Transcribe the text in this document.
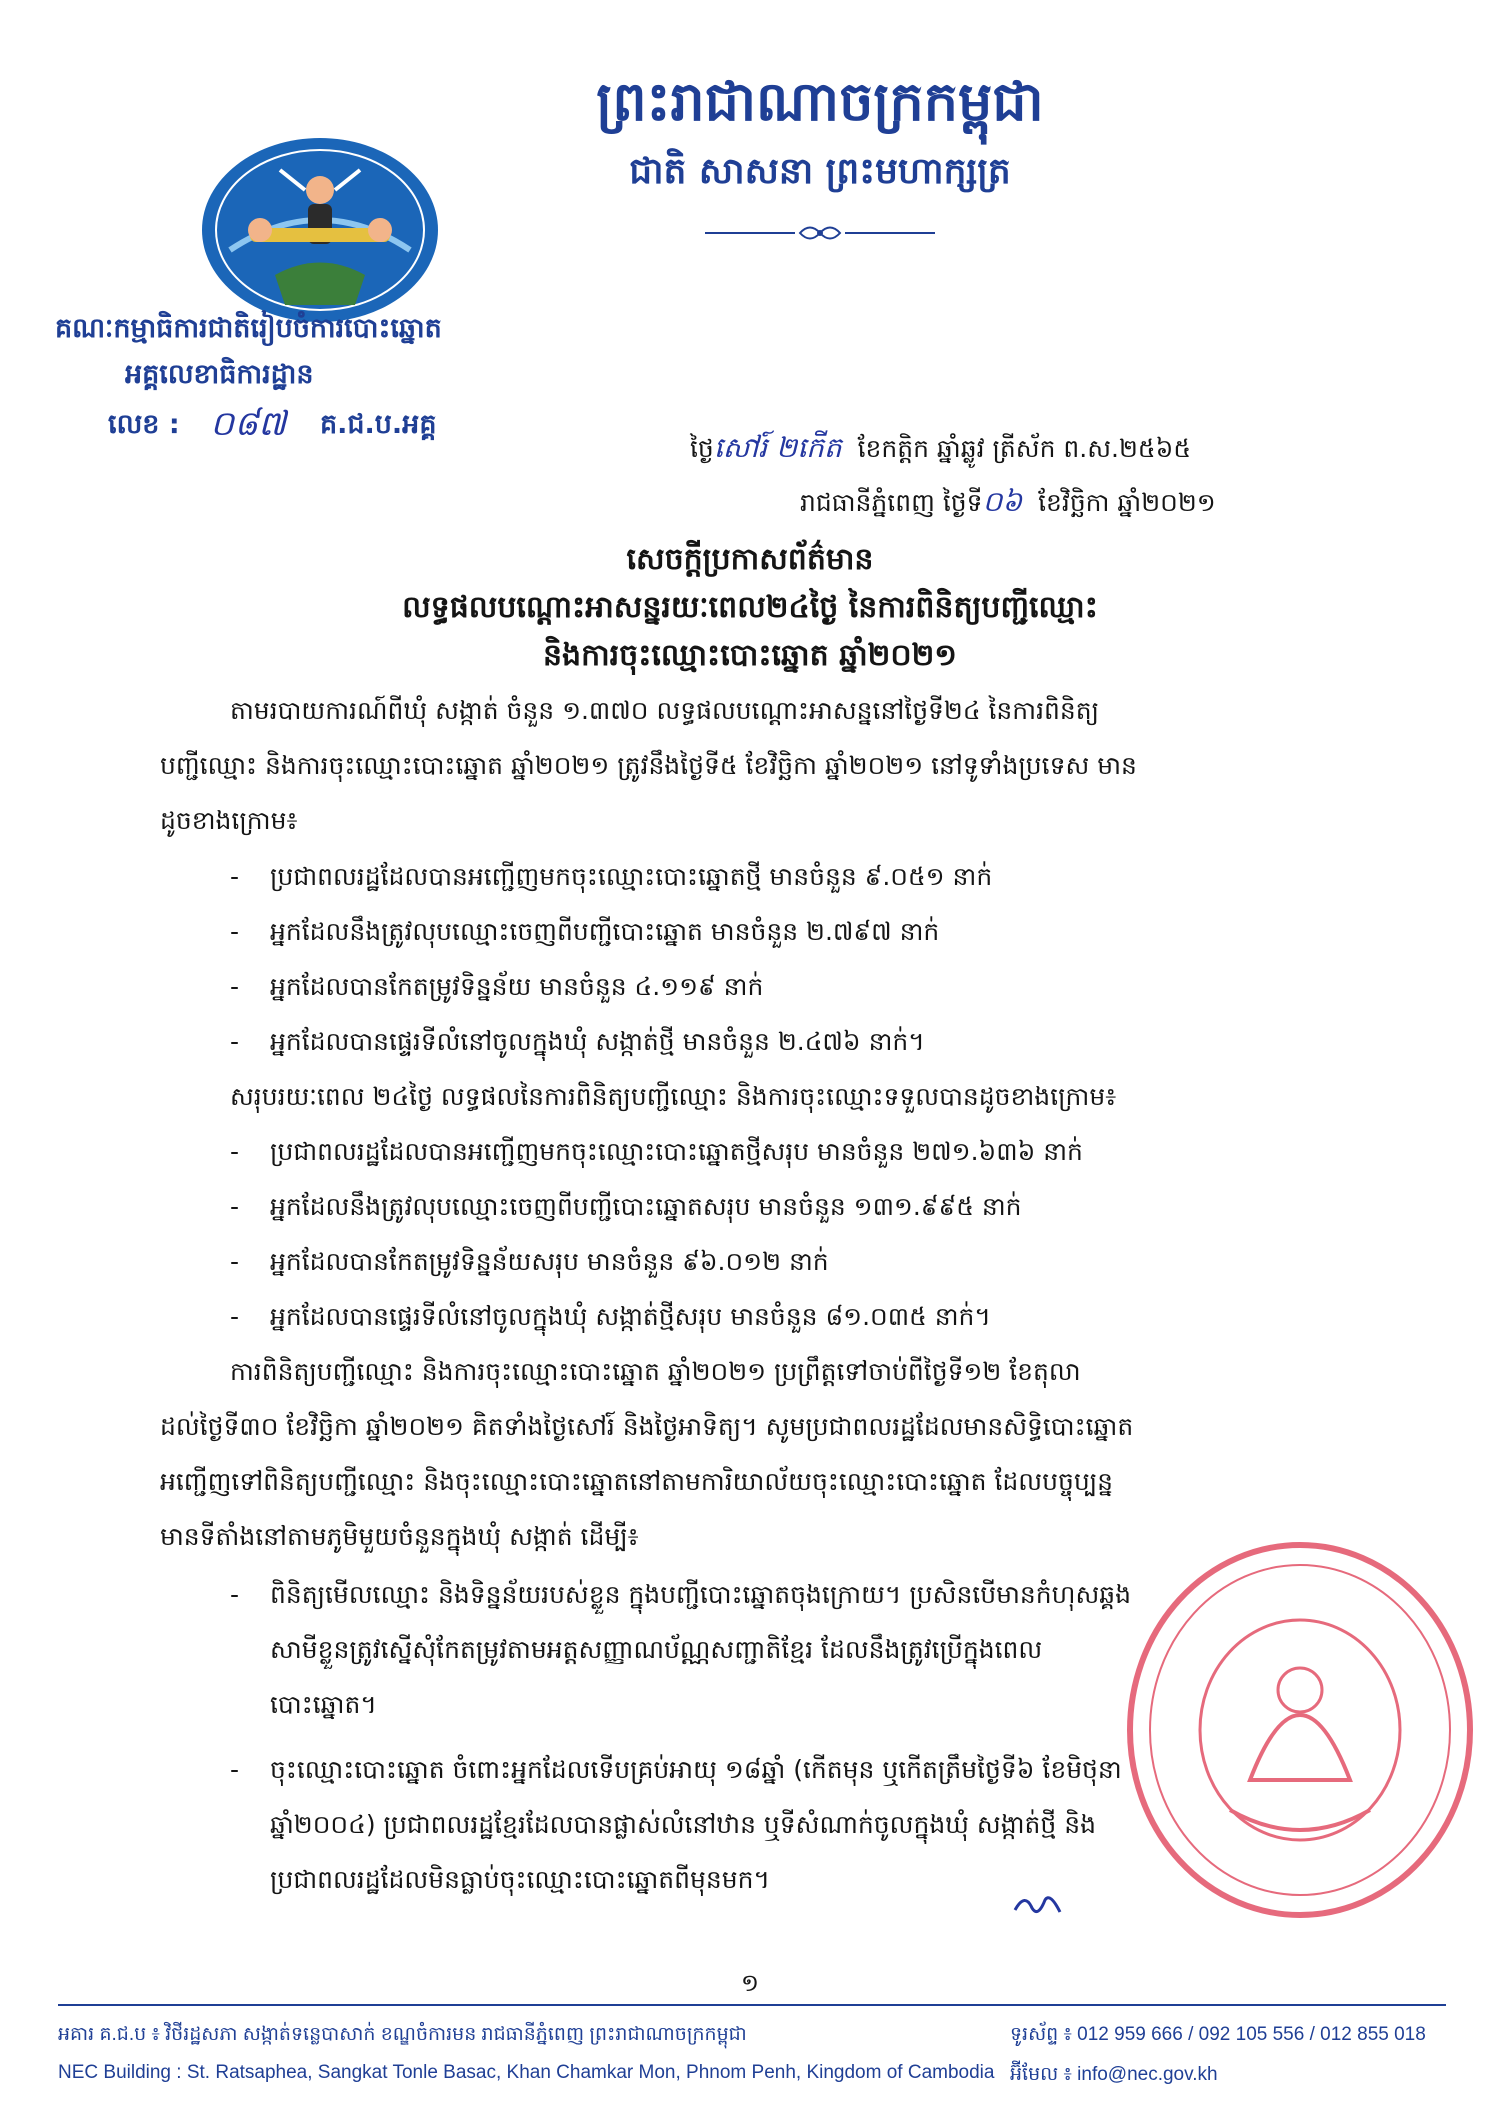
ព្រះរាជាណាចក្រកម្ពុជា
ជាតិ សាសនា ព្រះមហាក្សត្រ
គណៈកម្មាធិការជាតិរៀបចំការបោះឆ្នោត
អគ្គលេខាធិការដ្ឋាន
លេខ : ០៨៧ គ.ជ.ប.អគ្គ
ថ្ងៃសៅរ៍ ២កើត ខែកត្តិក ឆ្នាំឆ្លូវ ត្រីស័ក ព.ស.២៥៦៥
រាជធានីភ្នំពេញ ថ្ងៃទី០៦ ខែវិច្ឆិកា ឆ្នាំ២០២១
សេចក្តីប្រកាសព័ត៌មាន
លទ្ធផលបណ្តោះអាសន្នរយៈពេល២៤ថ្ងៃ នៃការពិនិត្យបញ្ជីឈ្មោះ
និងការចុះឈ្មោះបោះឆ្នោត ឆ្នាំ២០២១
តាមរបាយការណ៍ពីឃុំ សង្កាត់ ចំនួន ១.៣៧០ លទ្ធផលបណ្តោះអាសន្ននៅថ្ងៃទី២៤ នៃការពិនិត្យ
បញ្ជីឈ្មោះ និងការចុះឈ្មោះបោះឆ្នោត ឆ្នាំ២០២១ ត្រូវនឹងថ្ងៃទី៥ ខែវិច្ឆិកា ឆ្នាំ២០២១ នៅទូទាំងប្រទេស មាន
ដូចខាងក្រោម៖
- ប្រជាពលរដ្ឋដែលបានអញ្ជើញមកចុះឈ្មោះបោះឆ្នោតថ្មី មានចំនួន ៩.០៥១ នាក់
- អ្នកដែលនឹងត្រូវលុបឈ្មោះចេញពីបញ្ជីបោះឆ្នោត មានចំនួន ២.៧៩៧ នាក់
- អ្នកដែលបានកែតម្រូវទិន្នន័យ មានចំនួន ៤.១១៩ នាក់
- អ្នកដែលបានផ្ទេរទីលំនៅចូលក្នុងឃុំ សង្កាត់ថ្មី មានចំនួន ២.៤៧៦ នាក់។
សរុបរយៈពេល ២៤ថ្ងៃ លទ្ធផលនៃការពិនិត្យបញ្ជីឈ្មោះ និងការចុះឈ្មោះទទួលបានដូចខាងក្រោម៖
- ប្រជាពលរដ្ឋដែលបានអញ្ជើញមកចុះឈ្មោះបោះឆ្នោតថ្មីសរុប មានចំនួន ២៧១.៦៣៦ នាក់
- អ្នកដែលនឹងត្រូវលុបឈ្មោះចេញពីបញ្ជីបោះឆ្នោតសរុប មានចំនួន ១៣១.៩៩៥ នាក់
- អ្នកដែលបានកែតម្រូវទិន្នន័យសរុប មានចំនួន ៩៦.០១២ នាក់
- អ្នកដែលបានផ្ទេរទីលំនៅចូលក្នុងឃុំ សង្កាត់ថ្មីសរុប មានចំនួន ៨១.០៣៥ នាក់។
ការពិនិត្យបញ្ជីឈ្មោះ និងការចុះឈ្មោះបោះឆ្នោត ឆ្នាំ២០២១ ប្រព្រឹត្តទៅចាប់ពីថ្ងៃទី១២ ខែតុលា
ដល់ថ្ងៃទី៣០ ខែវិច្ឆិកា ឆ្នាំ២០២១ គិតទាំងថ្ងៃសៅរ៍ និងថ្ងៃអាទិត្យ។ សូមប្រជាពលរដ្ឋដែលមានសិទ្ធិបោះឆ្នោត
អញ្ជើញទៅពិនិត្យបញ្ជីឈ្មោះ និងចុះឈ្មោះបោះឆ្នោតនៅតាមការិយាល័យចុះឈ្មោះបោះឆ្នោត ដែលបច្ចុប្បន្ន
មានទីតាំងនៅតាមភូមិមួយចំនួនក្នុងឃុំ សង្កាត់ ដើម្បី៖
- ពិនិត្យមើលឈ្មោះ និងទិន្នន័យរបស់ខ្លួន ក្នុងបញ្ជីបោះឆ្នោតចុងក្រោយ។ ប្រសិនបើមានកំហុសឆ្គង
សាមីខ្លួនត្រូវស្នើសុំកែតម្រូវតាមអត្តសញ្ញាណប័ណ្ណសញ្ជាតិខ្មែរ ដែលនឹងត្រូវប្រើក្នុងពេល
បោះឆ្នោត។
- ចុះឈ្មោះបោះឆ្នោត ចំពោះអ្នកដែលទើបគ្រប់អាយុ ១៨ឆ្នាំ (កើតមុន ឬកើតត្រឹមថ្ងៃទី៦ ខែមិថុនា
ឆ្នាំ២០០៤) ប្រជាពលរដ្ឋខ្មែរដែលបានផ្លាស់លំនៅឋាន ឬទីសំណាក់ចូលក្នុងឃុំ សង្កាត់ថ្មី និង
ប្រជាពលរដ្ឋដែលមិនធ្លាប់ចុះឈ្មោះបោះឆ្នោតពីមុនមក។
១
អគារ គ.ជ.ប ៖ វិថីរដ្ឋសភា សង្កាត់ទន្លេបាសាក់ ខណ្ឌចំការមន រាជធានីភ្នំពេញ ព្រះរាជាណាចក្រកម្ពុជា
NEC Building : St. Ratsaphea, Sangkat Tonle Basac, Khan Chamkar Mon, Phnom Penh, Kingdom of Cambodia
ទូរស័ព្ទ ៖ 012 959 666 / 092 105 556 / 012 855 018
អ៊ីមែល ៖ info@nec.gov.kh
